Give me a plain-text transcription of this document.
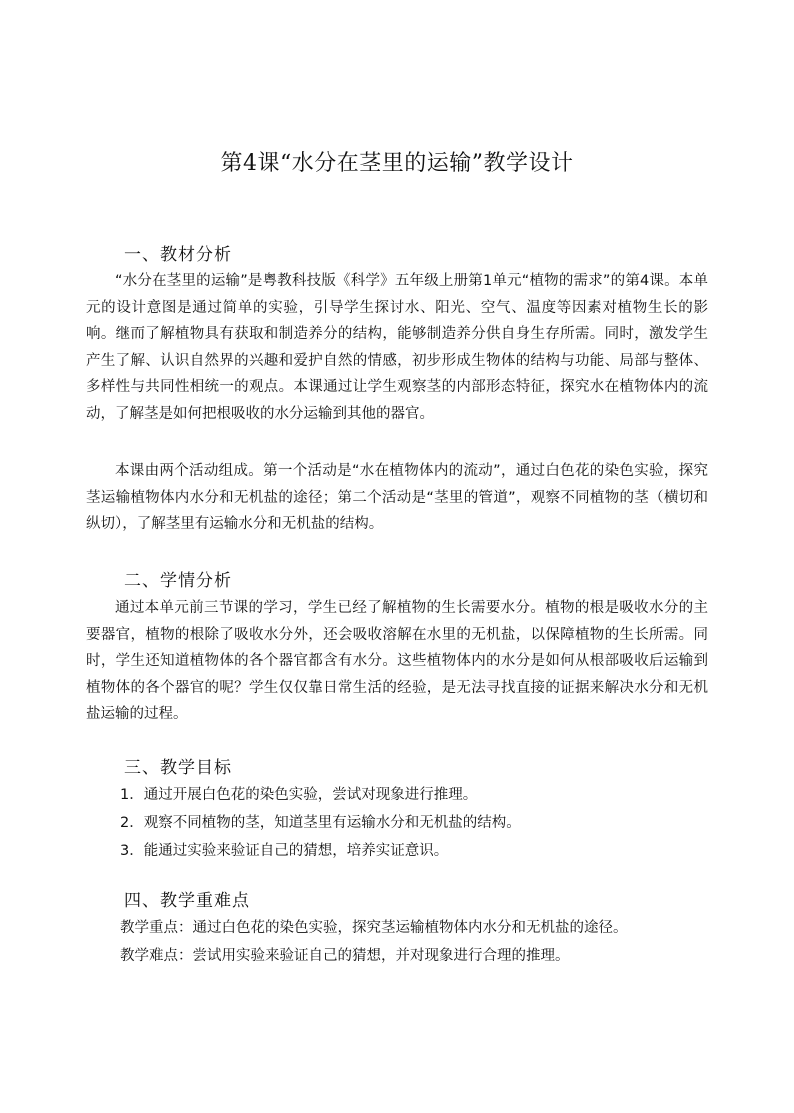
第4课“水分在茎里的运输”教学设计
一、教材分析
“水分在茎里的运输”是粤教科技版《科学》五年级上册第1单元“植物的需求”的第4课。本单元的设计意图是通过简单的实验，引导学生探讨水、阳光、空气、温度等因素对植物生长的影响。继而了解植物具有获取和制造养分的结构，能够制造养分供自身生存所需。同时，激发学生产生了解、认识自然界的兴趣和爱护自然的情感，初步形成生物体的结构与功能、局部与整体、多样性与共同性相统一的观点。本课通过让学生观察茎的内部形态特征，探究水在植物体内的流动，了解茎是如何把根吸收的水分运输到其他的器官。
本课由两个活动组成。第一个活动是“水在植物体内的流动”，通过白色花的染色实验，探究茎运输植物体内水分和无机盐的途径；第二个活动是“茎里的管道”，观察不同植物的茎（横切和纵切），了解茎里有运输水分和无机盐的结构。
二、学情分析
通过本单元前三节课的学习，学生已经了解植物的生长需要水分。植物的根是吸收水分的主要器官，植物的根除了吸收水分外，还会吸收溶解在水里的无机盐，以保障植物的生长所需。同时，学生还知道植物体的各个器官都含有水分。这些植物体内的水分是如何从根部吸收后运输到植物体的各个器官的呢？学生仅仅靠日常生活的经验，是无法寻找直接的证据来解决水分和无机盐运输的过程。
三、教学目标
1．通过开展白色花的染色实验，尝试对现象进行推理。
2．观察不同植物的茎，知道茎里有运输水分和无机盐的结构。
3．能通过实验来验证自己的猜想，培养实证意识。
四、教学重难点
教学重点：通过白色花的染色实验，探究茎运输植物体内水分和无机盐的途径。
教学难点：尝试用实验来验证自己的猜想，并对现象进行合理的推理。
